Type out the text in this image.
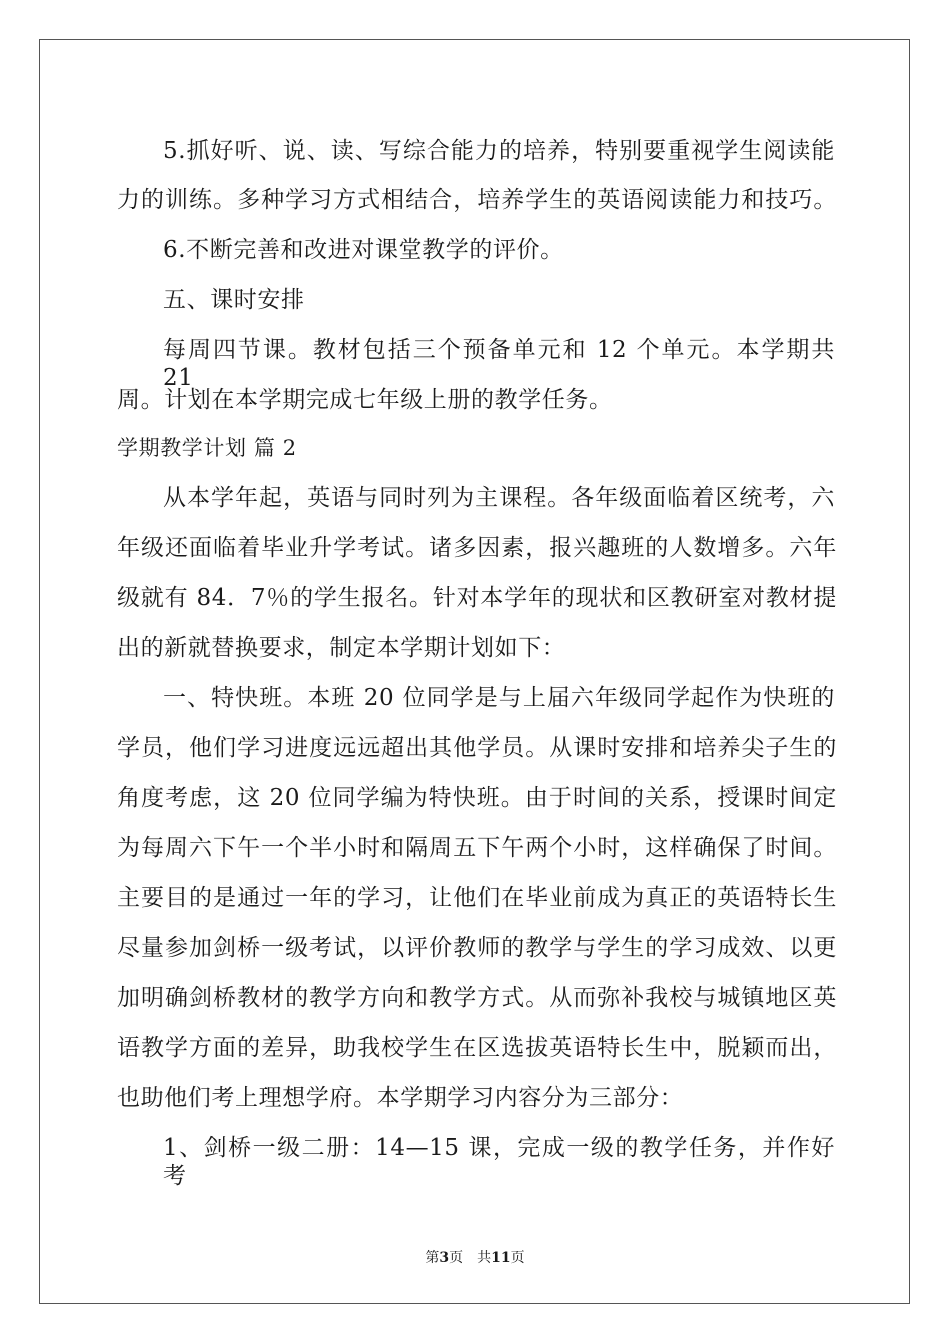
5.抓好听、说、读、写综合能力的培养，特别要重视学生阅读能
力的训练。多种学习方式相结合，培养学生的英语阅读能力和技巧。
6.不断完善和改进对课堂教学的评价。
五、课时安排
每周四节课。教材包括三个预备单元和 12 个单元。本学期共 21
周。计划在本学期完成七年级上册的教学任务。
学期教学计划 篇 2
从本学年起，英语与同时列为主课程。各年级面临着区统考，六
年级还面临着毕业升学考试。诸多因素，报兴趣班的人数增多。六年
级就有 84．7％的学生报名。针对本学年的现状和区教研室对教材提
出的新就替换要求，制定本学期计划如下：
一、特快班。本班 20 位同学是与上届六年级同学起作为快班的
学员，他们学习进度远远超出其他学员。从课时安排和培养尖子生的
角度考虑，这 20 位同学编为特快班。由于时间的关系，授课时间定
为每周六下午一个半小时和隔周五下午两个小时，这样确保了时间。
主要目的是通过一年的学习，让他们在毕业前成为真正的英语特长生
尽量参加剑桥一级考试，以评价教师的教学与学生的学习成效、以更
加明确剑桥教材的教学方向和教学方式。从而弥补我校与城镇地区英
语教学方面的差异，助我校学生在区选拔英语特长生中，脱颖而出，
也助他们考上理想学府。本学期学习内容分为三部分：
1、剑桥一级二册：14—15 课，完成一级的教学任务，并作好考
第3页　共11页
